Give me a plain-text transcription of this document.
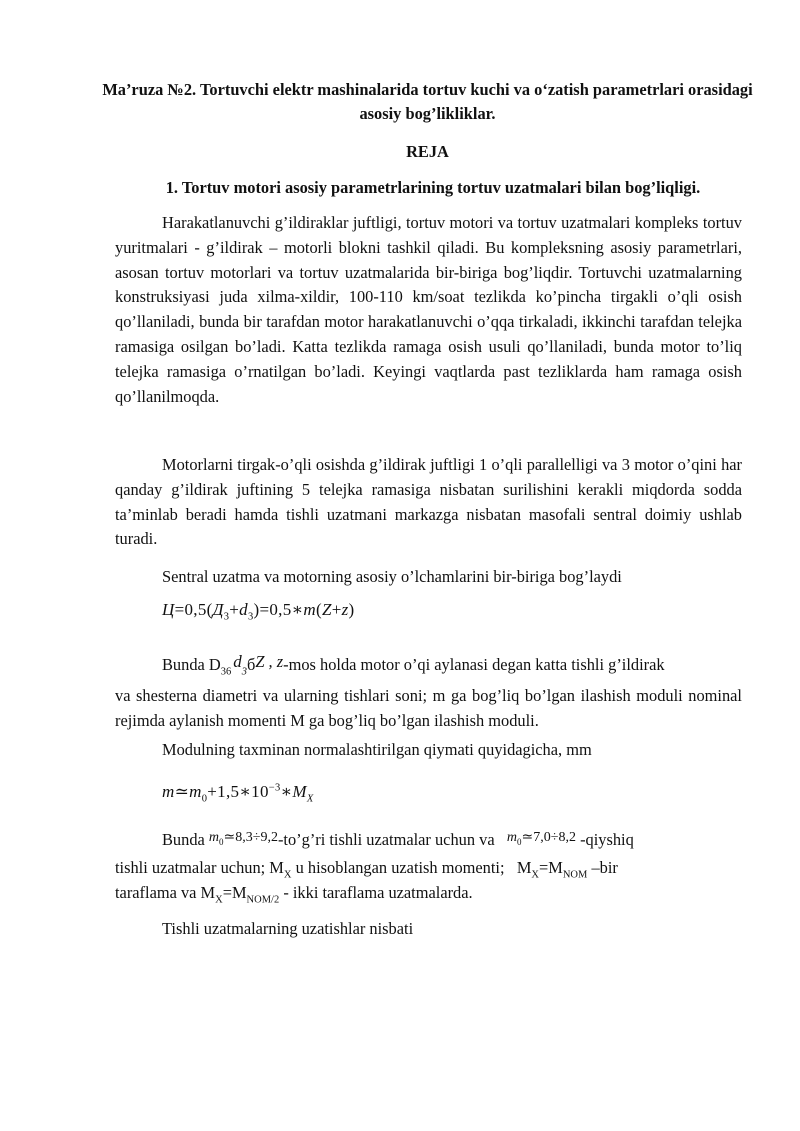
Ma’ruza №2. Tortuvchi elektr mashinalarida tortuv kuchi va o‘zatish parametrlari orasidagi asosiy bog’likliklar.

REJA

1. Tortuv motori asosiy parametrlarining tortuv uzatmalari bilan bog’liqligi.

Harakatlanuvchi g’ildiraklar juftligi, tortuv motori va tortuv uzatmalari kompleks tortuv yuritmalari - g’ildirak – motorli blokni tashkil qiladi. Bu kompleksning asosiy parametrlari, asosan tortuv motorlari va tortuv uzatmalarida bir-biriga bog’liqdir. Tortuvchi uzatmalarning konstruksiyasi juda xilma-xildir, 100-110 km/soat tezlikda ko’pincha tirgakli o’qli osish qo’llaniladi, bunda bir tarafdan motor harakatlanuvchi o’qqa tirkaladi, ikkinchi tarafdan telejka ramasiga osilgan bo’ladi. Katta tezlikda ramaga osish usuli qo’llaniladi, bunda motor to’liq telejka ramasiga o’rnatilgan bo’ladi. Keyingi vaqtlarda past tezliklarda ham ramaga osish qo’llanilmoqda.

Motorlarni tirgak-o’qli osishda g’ildirak juftligi 1 o’qli parallelligi va 3 motor o’qini har qanday g’ildirak juftining 5 telejka ramasiga nisbatan surilishini kerakli miqdorda sodda ta’minlab beradi hamda tishli uzatmani markazga nisbatan masofali sentral doimiy ushlab turadi.

Sentral uzatma va motorning asosiy o’lchamlarini bir-biriga bog’laydi

$Ц=0,5(Д_3+d_3)=0,5∗m(Z+z)$

Bunda $D_{36}d_3бZ$ , z-mos holda motor o’qi aylanasi degan katta tishli g’ildirak

va shesterna diametri va ularning tishlari soni; m ga bog’liq bo’lgan ilashish moduli nominal rejimda aylanish momenti M ga bog’liq bo’lgan ilashish moduli.

Modulning taxminan normalashtirilgan qiymati quyidagicha, mm

$m≃m_0+1,5∗10^{-3}∗M_X$

Bunda $m_0≃8,3\div 9,2-to’g’ri$ tishli uzatmalar uchun va $m_0≃7,0\div 8,2$ -qiyshiq

tishli uzatmalar uchun; $M_X$ u hisoblangan uzatish momenti; $M_X=M_{NOM}$ –bir

taraflama va $M_X=M_{NOM/2}$ - ikki taraflama uzatmalarda.

Tishli uzatmalarning uzatishlar nisbati
